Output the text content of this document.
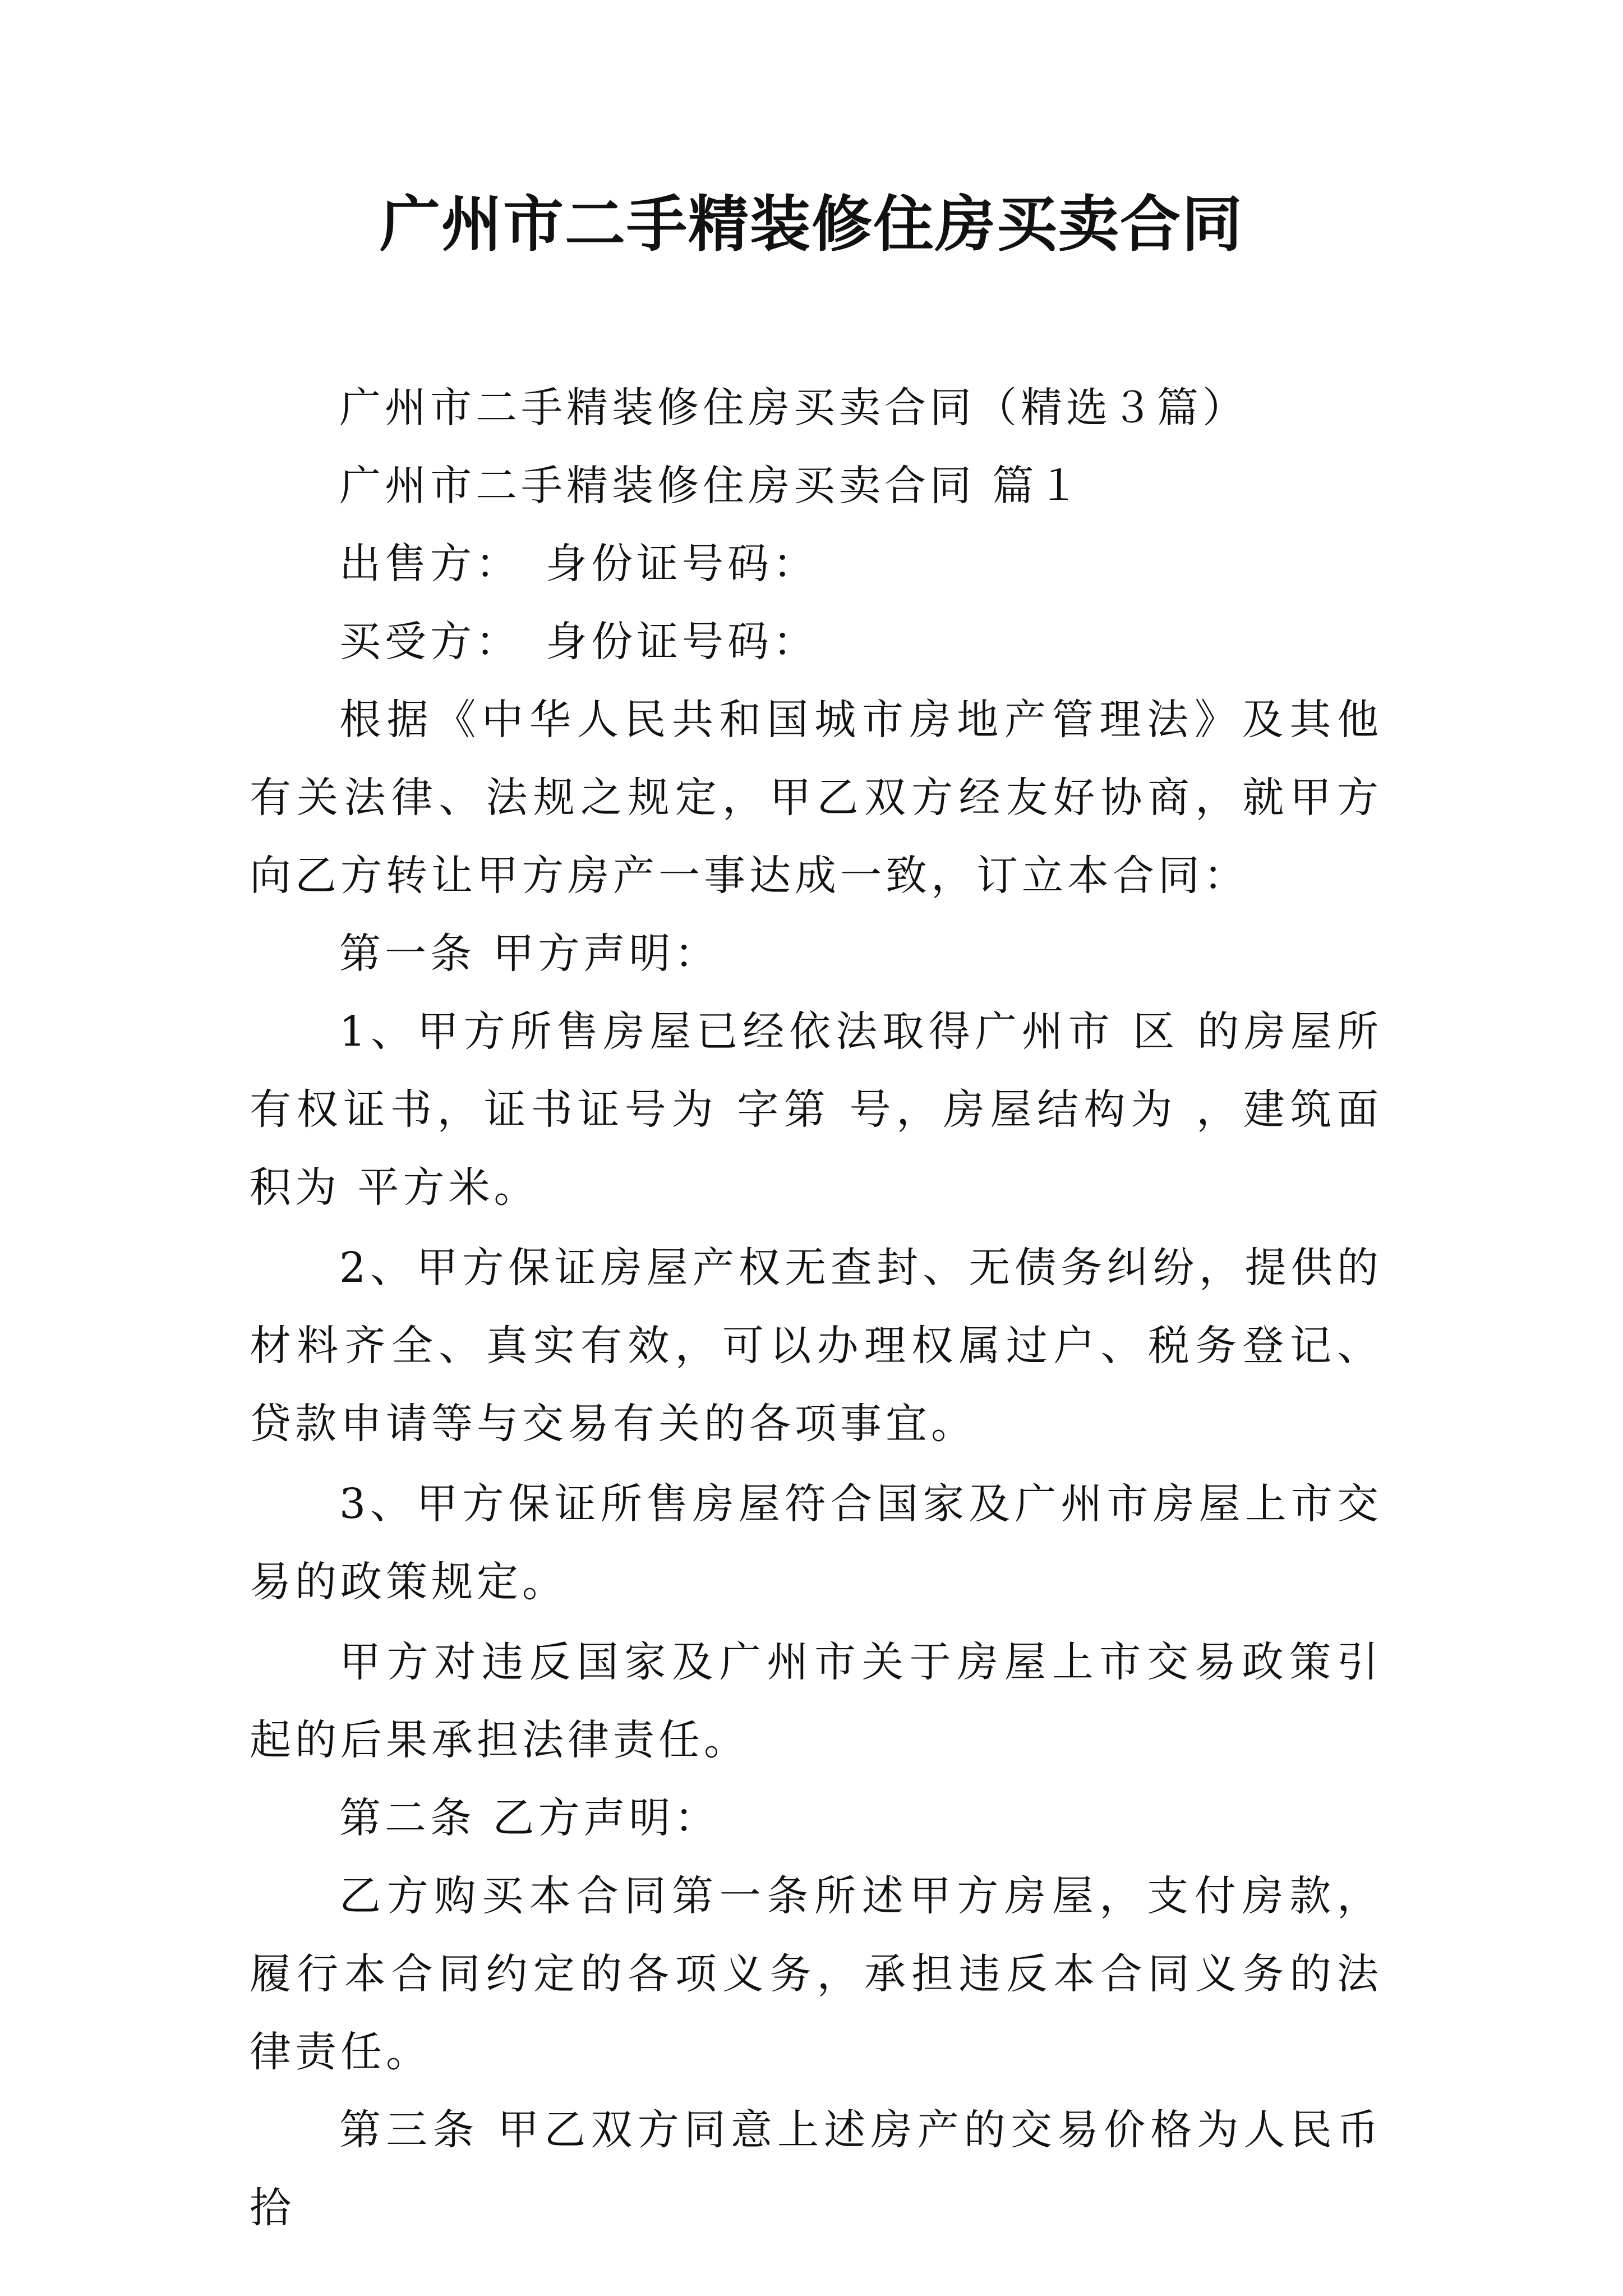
广州市二手精装修住房买卖合同

广州市二手精装修住房买卖合同（精选３篇）

广州市二手精装修住房买卖合同 篇１

出售方：　身份证号码：

买受方：　身份证号码：

根据《中华人民共和国城市房地产管理法》及其他有关法律、法规之规定，甲乙双方经友好协商，就甲方向乙方转让甲方房产一事达成一致，订立本合同：

第一条 甲方声明：

1、甲方所售房屋已经依法取得广州市 区 的房屋所有权证书，证书证号为 字第 号，房屋结构为 ，建筑面积为 平方米。

2、甲方保证房屋产权无查封、无债务纠纷，提供的材料齐全、真实有效，可以办理权属过户、税务登记、贷款申请等与交易有关的各项事宜。

3、甲方保证所售房屋符合国家及广州市房屋上市交易的政策规定。

甲方对违反国家及广州市关于房屋上市交易政策引起的后果承担法律责任。

第二条 乙方声明：

乙方购买本合同第一条所述甲方房屋，支付房款，履行本合同约定的各项义务，承担违反本合同义务的法律责任。

第三条 甲乙双方同意上述房产的交易价格为人民币拾
